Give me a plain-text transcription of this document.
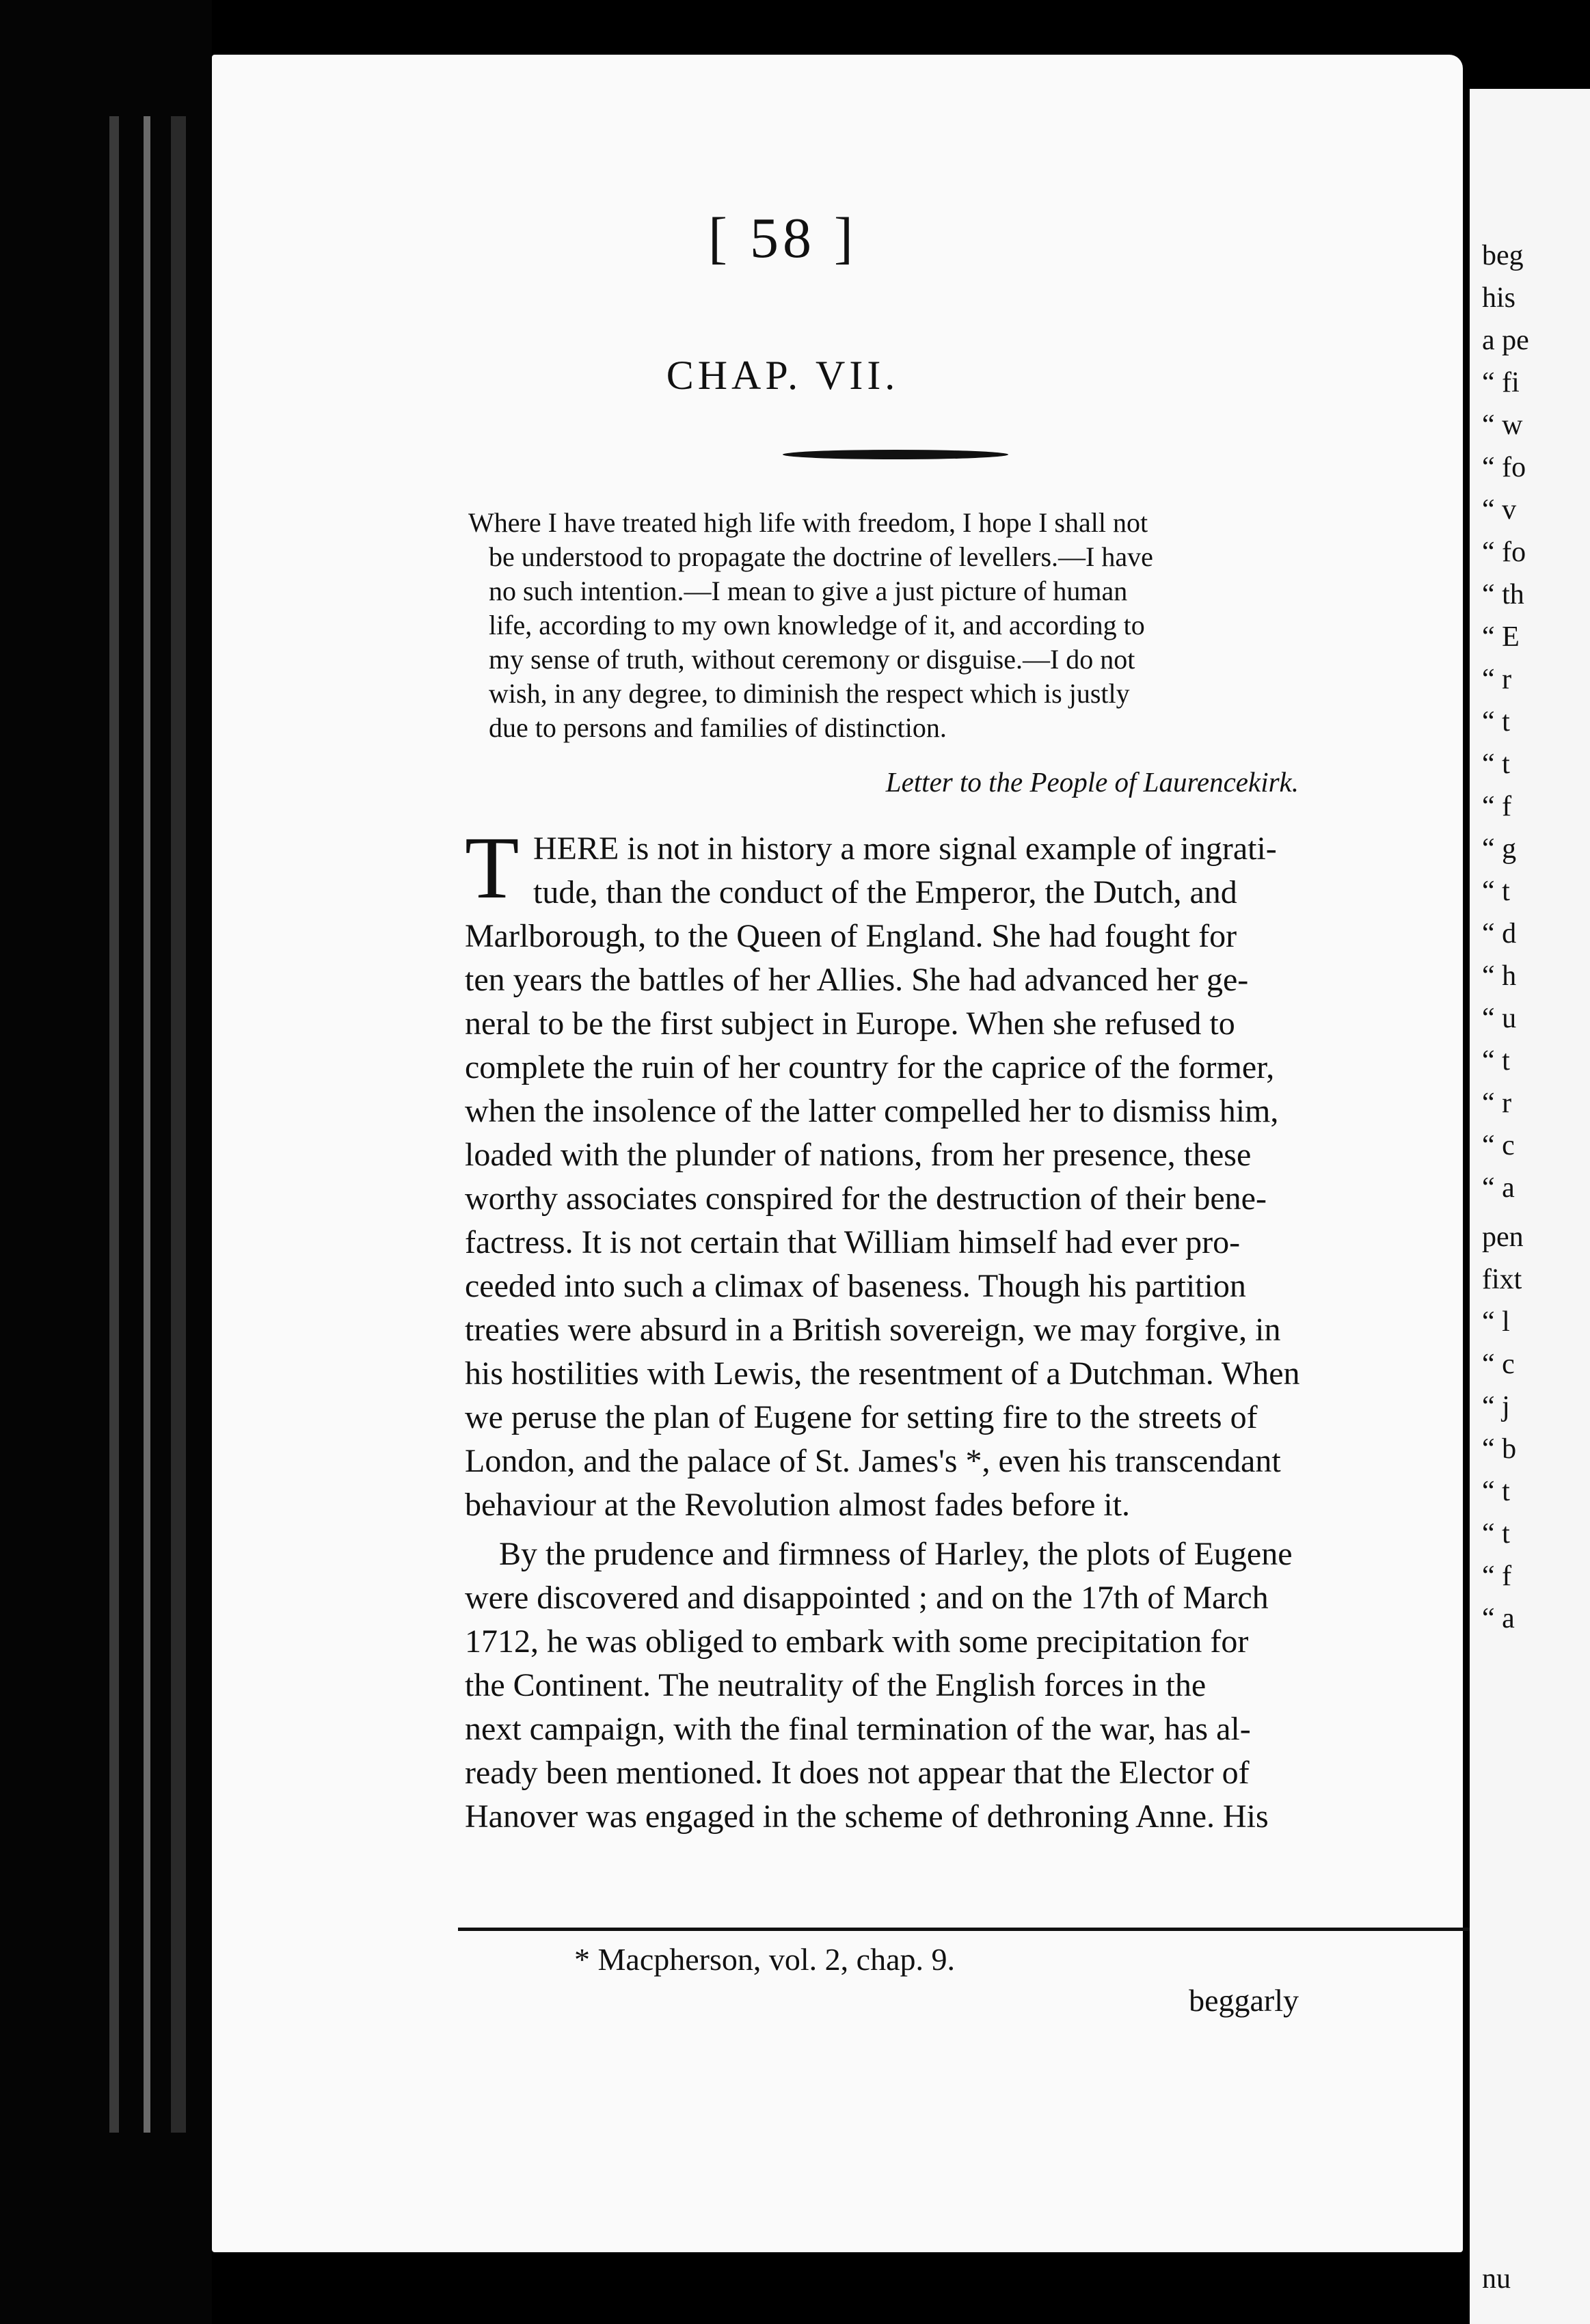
[ 58 ]
CHAP. VII.
Where I have treated high life with freedom, I hope I shall not
be understood to propagate the doctrine of levellers.—I have
no such intention.—I mean to give a just picture of human
life, according to my own knowledge of it, and according to
my sense of truth, without ceremony or disguise.—I do not
wish, in any degree, to diminish the respect which is justly
due to persons and families of distinction.
Letter to the People of Laurencekirk.
T HERE is not in history a more signal example of ingrati-
tude, than the conduct of the Emperor, the Dutch, and
Marlborough, to the Queen of England. She had fought for
ten years the battles of her Allies. She had advanced her ge-
neral to be the first subject in Europe. When she refused to
complete the ruin of her country for the caprice of the former,
when the insolence of the latter compelled her to dismiss him,
loaded with the plunder of nations, from her presence, these
worthy associates conspired for the destruction of their bene-
factress. It is not certain that William himself had ever pro-
ceeded into such a climax of baseness. Though his partition
treaties were absurd in a British sovereign, we may forgive, in
his hostilities with Lewis, the resentment of a Dutchman. When
we peruse the plan of Eugene for setting fire to the streets of
London, and the palace of St. James's *, even his transcendant
behaviour at the Revolution almost fades before it.
By the prudence and firmness of Harley, the plots of Eugene
were discovered and disappointed ; and on the 17th of March
1712, he was obliged to embark with some precipitation for
the Continent. The neutrality of the English forces in the
next campaign, with the final termination of the war, has al-
ready been mentioned. It does not appear that the Elector of
Hanover was engaged in the scheme of dethroning Anne. His
* Macpherson, vol. 2, chap. 9.
beggarly
beg
his
a pe
“ fi
“ w
“ fo
“ v
“ fo
“ th
“ E
“ r
“ t
“ t
“ f
“ g
“ t
“ d
“ h
“ u
“ t
“ r
“ c
“ a
pen
fixt
“ l
“ c
“ j
“ b
“ t
“ t
“ f
“ a
nu
